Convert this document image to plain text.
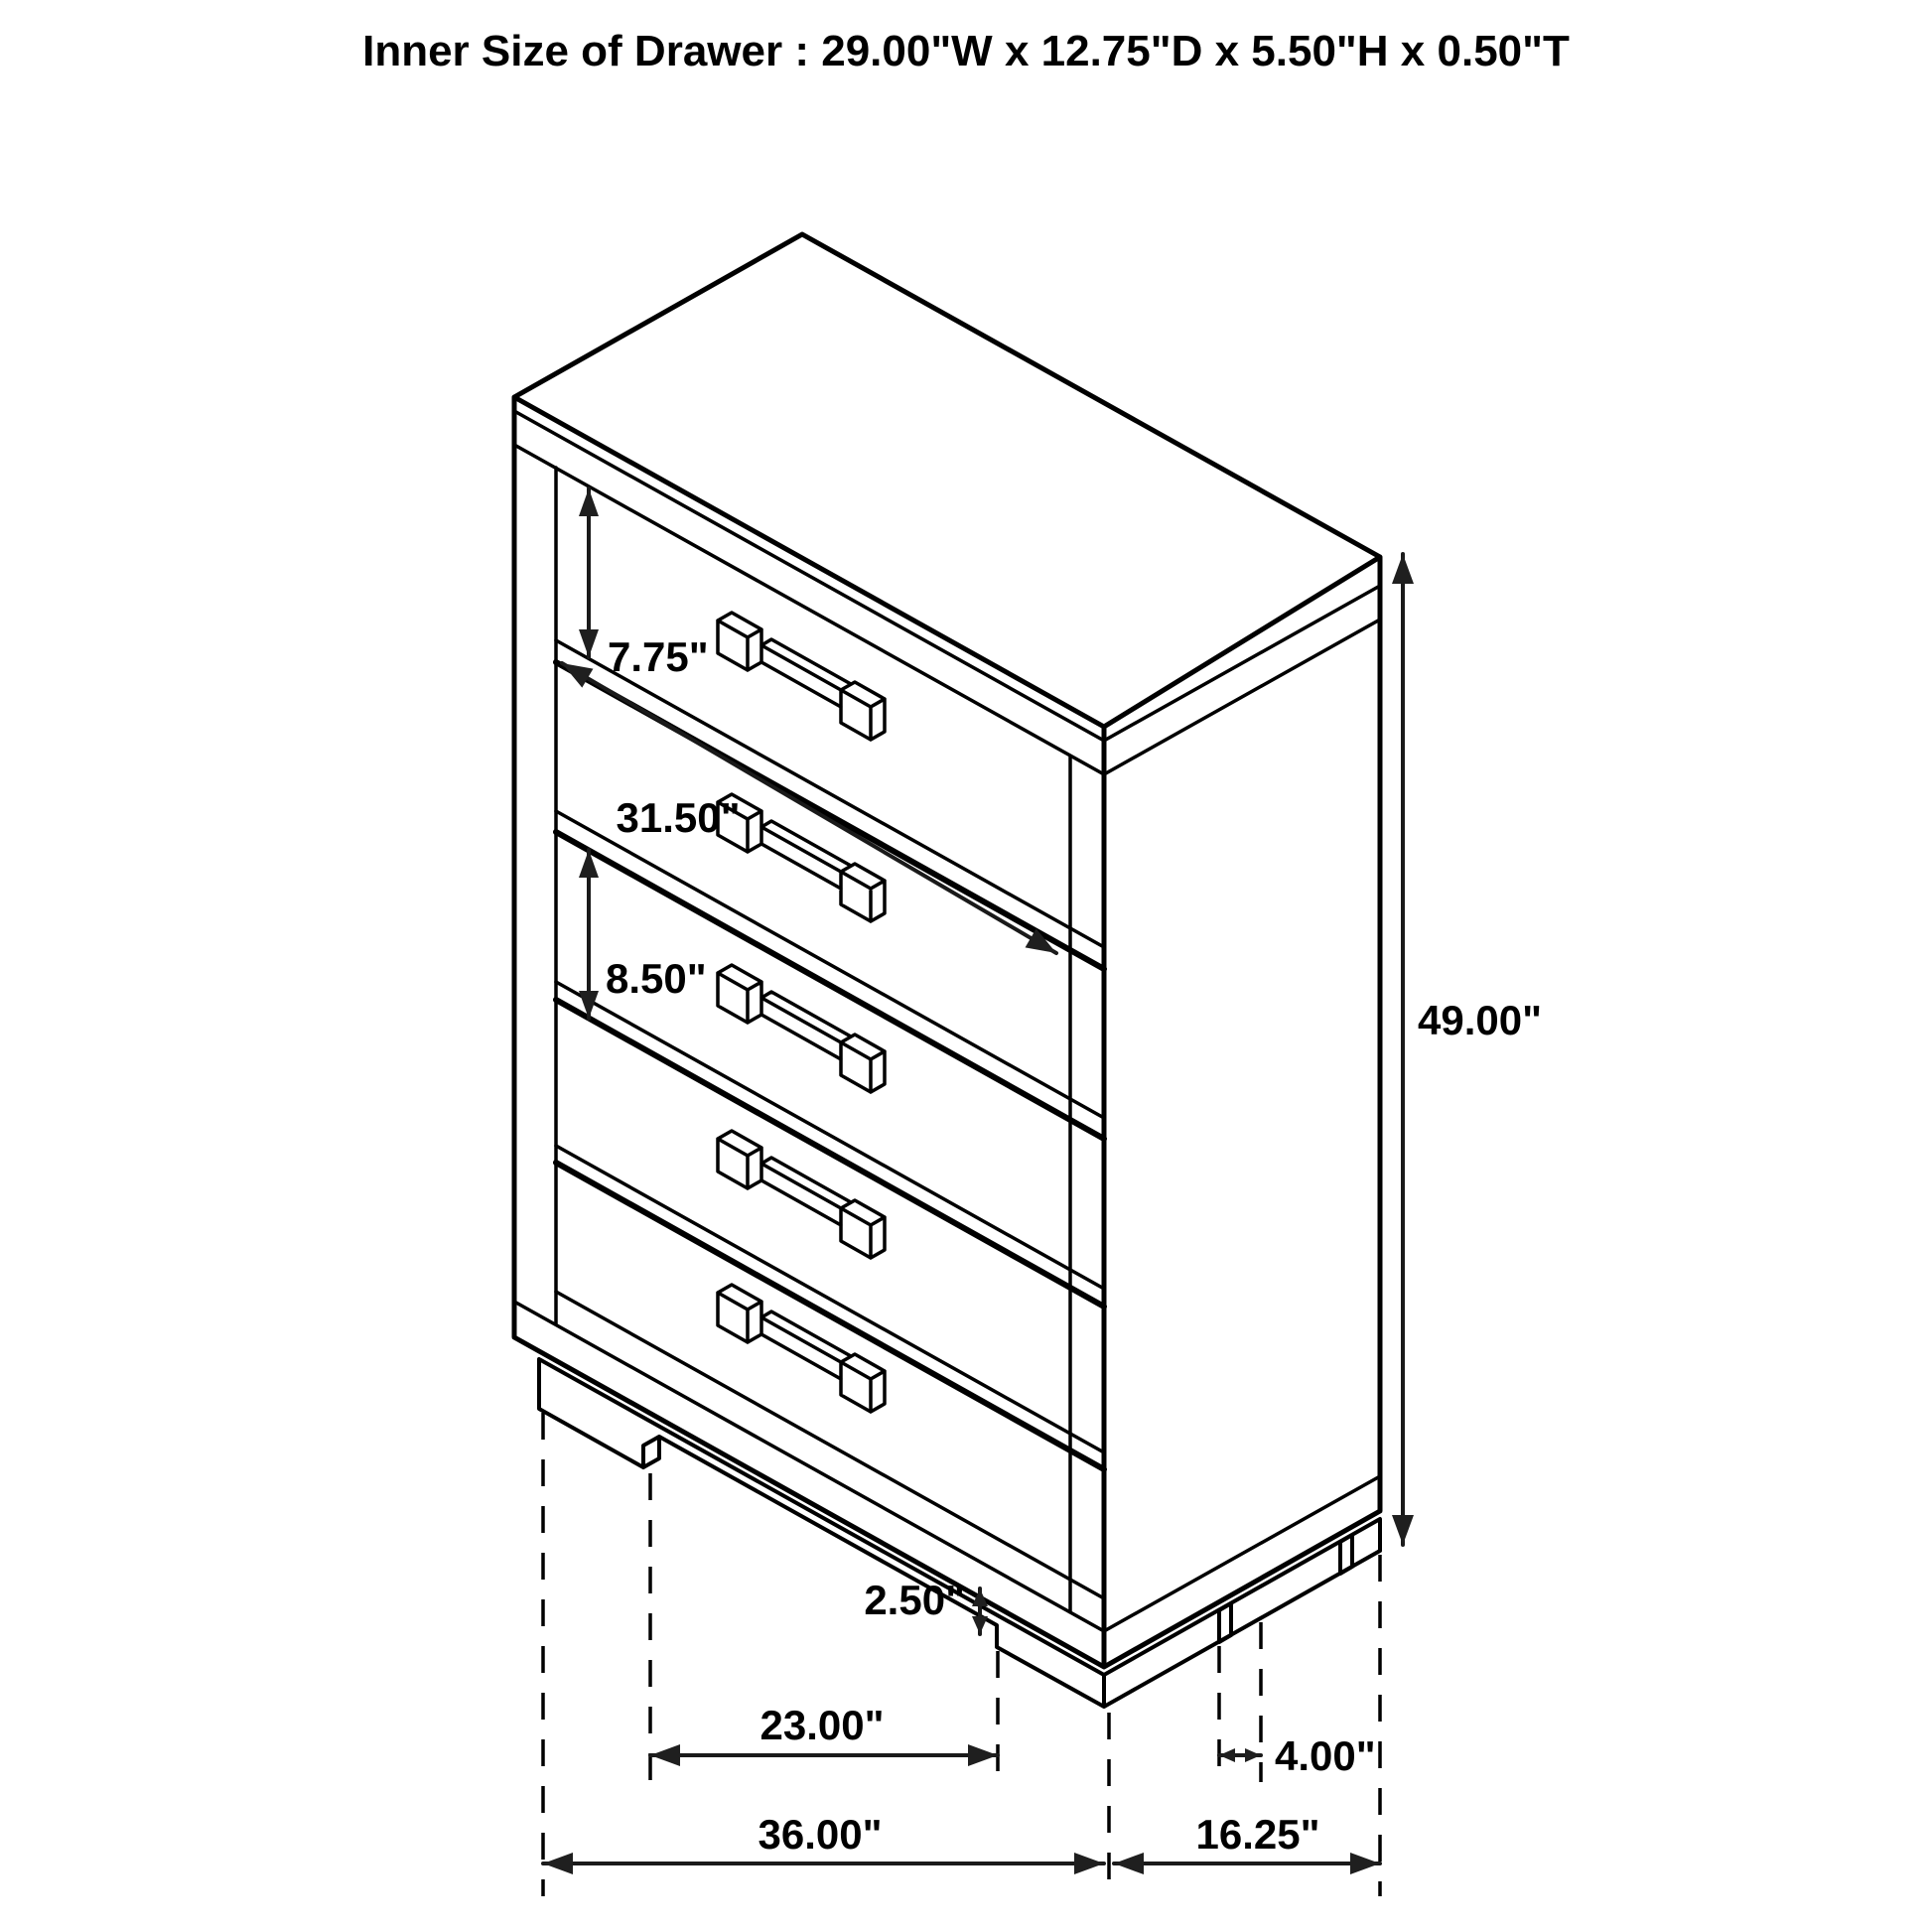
Inner Size of Drawer : 29.00"W x 12.75"D x 5.50"H x 0.50"T
7.75"
31.50"
8.50"
49.00"
2.50"
23.00"
4.00"
36.00"	16.25"
